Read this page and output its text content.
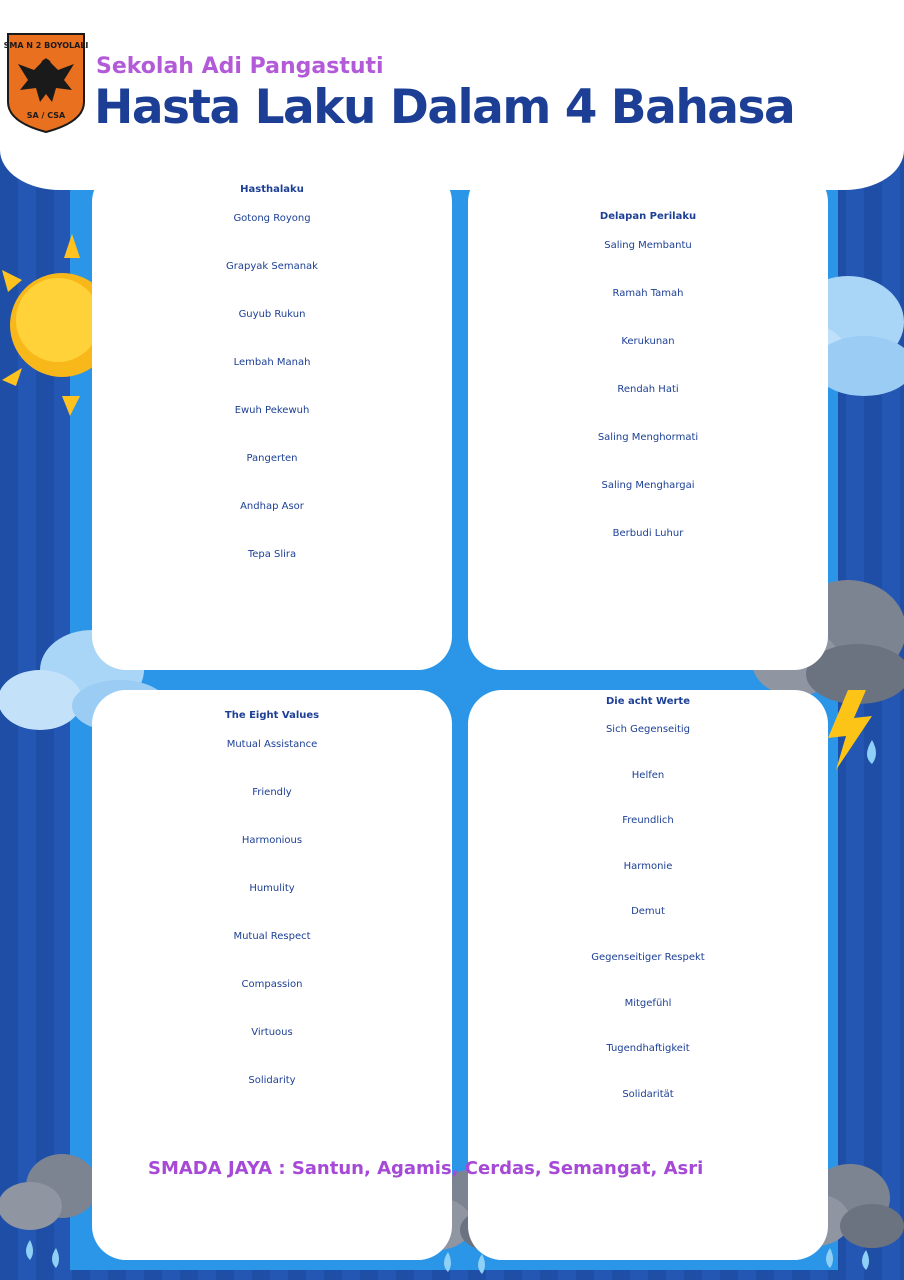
SMA N 2 BOYOLALI
SA / CSA

Sekolah Adi Pangastuti

Hasta Laku Dalam 4 Bahasa
Hasthalaku
Gotong Royong
Grapyak Semanak
Guyub Rukun
Lembah Manah
Ewuh Pekewuh
Pangerten
Andhap Asor
Tepa Slira
Delapan Perilaku
Saling Membantu
Ramah Tamah
Kerukunan
Rendah Hati
Saling Menghormati
Saling Menghargai
Berbudi Luhur
The Eight Values
Mutual Assistance
Friendly
Harmonious
Humulity
Mutual Respect
Compassion
Virtuous
Solidarity
Die acht Werte
Sich Gegenseitig
Helfen
Freundlich
Harmonie
Demut
Gegenseitiger Respekt
Mitgefühl
Tugendhaftigkeit
Solidarität

SMADA JAYA : Santun, Agamis, Cerdas, Semangat, Asri
